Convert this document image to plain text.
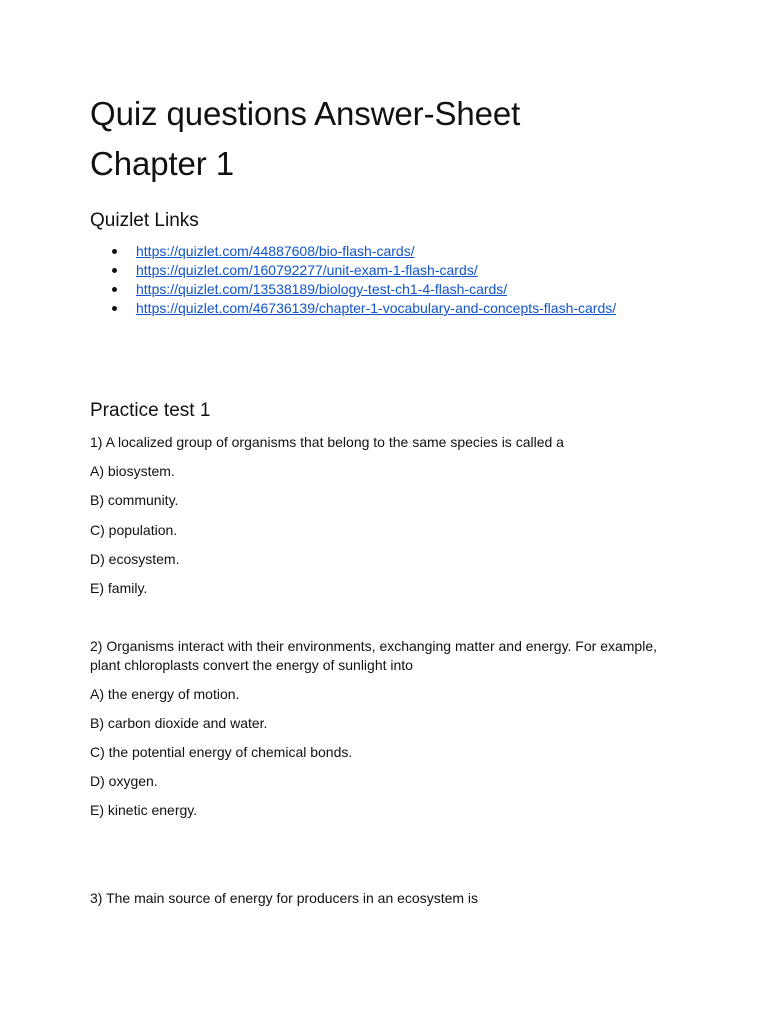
Quiz questions Answer-Sheet
Chapter 1
Quizlet Links
https://quizlet.com/44887608/bio-flash-cards/
https://quizlet.com/160792277/unit-exam-1-flash-cards/
https://quizlet.com/13538189/biology-test-ch1-4-flash-cards/
https://quizlet.com/46736139/chapter-1-vocabulary-and-concepts-flash-cards/
Practice test 1
1) A localized group of organisms that belong to the same species is called a
A) biosystem.
B) community.
C) population.
D) ecosystem.
E) family.
2) Organisms interact with their environments, exchanging matter and energy. For example,
plant chloroplasts convert the energy of sunlight into
A) the energy of motion.
B) carbon dioxide and water.
C) the potential energy of chemical bonds.
D) oxygen.
E) kinetic energy.
3) The main source of energy for producers in an ecosystem is
